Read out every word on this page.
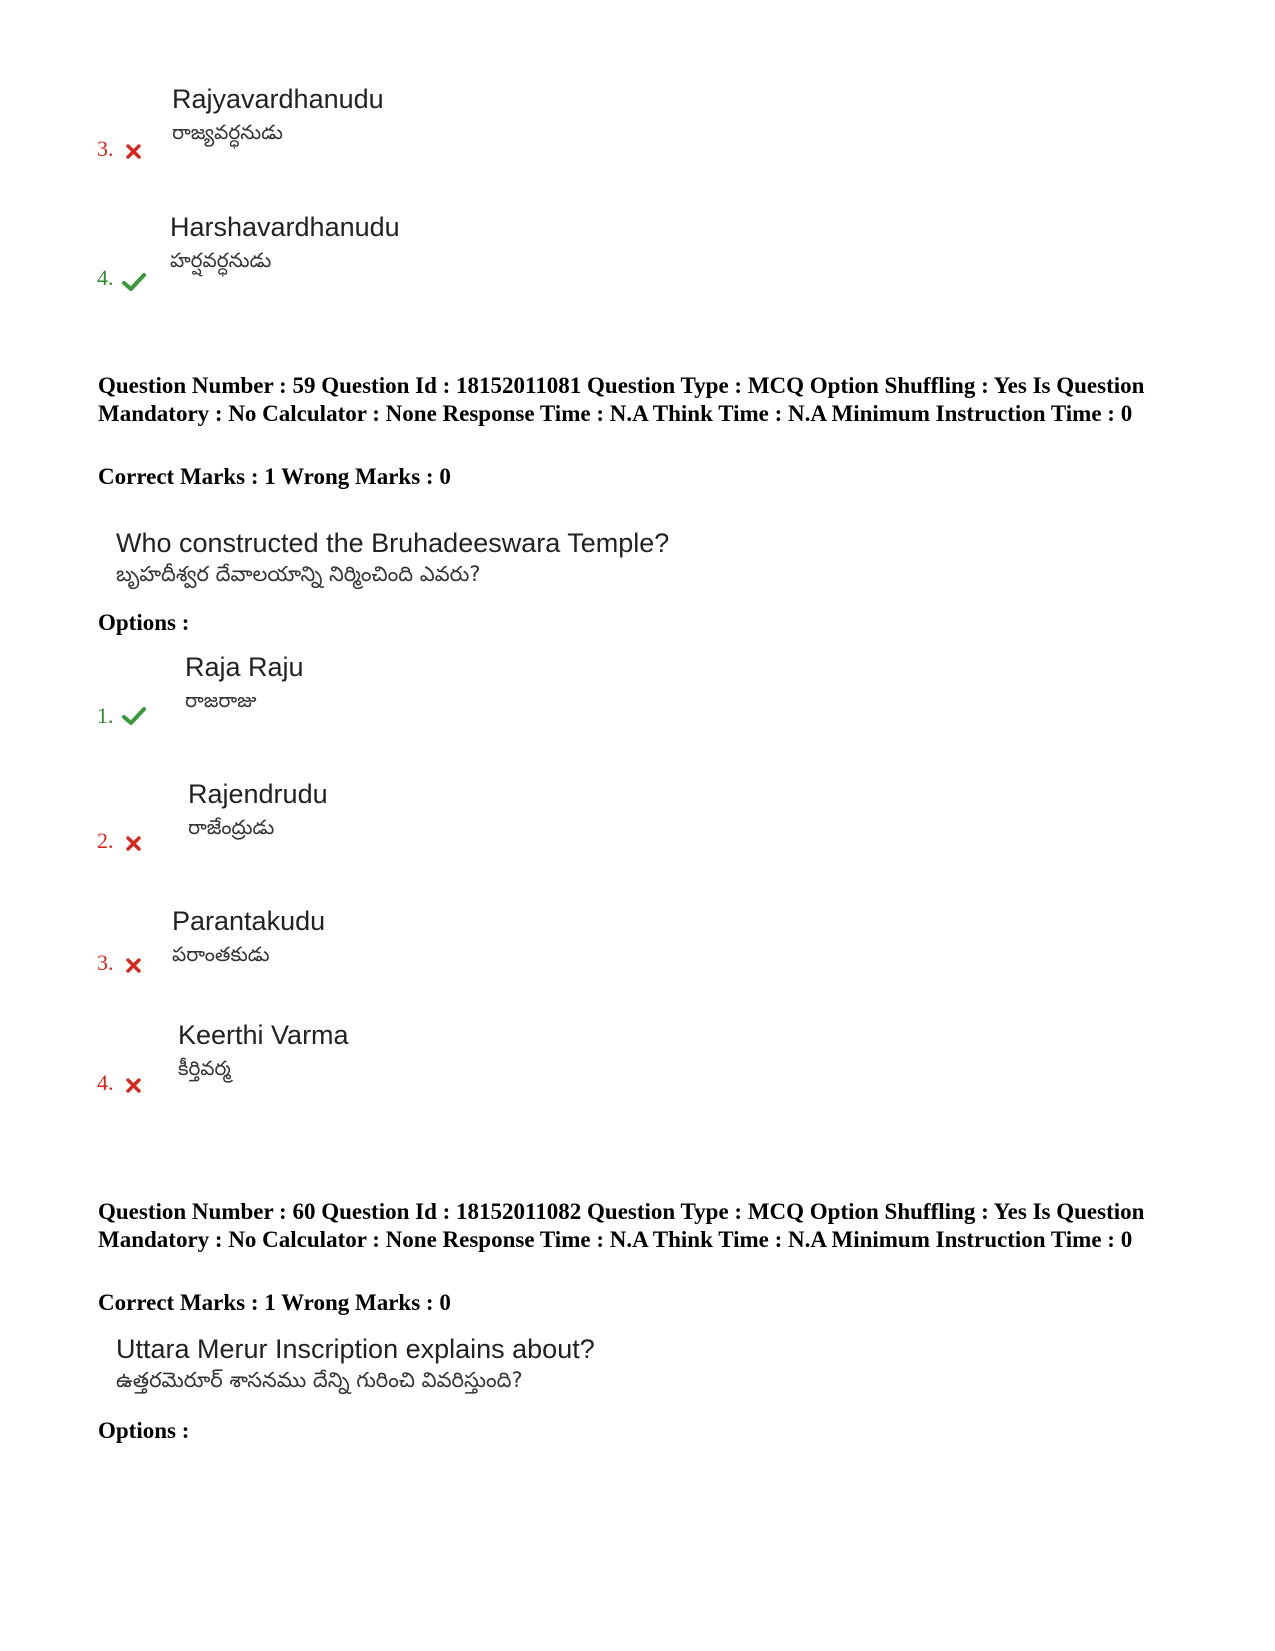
Rajyavardhanudu
రాజ్యవర్ధనుడు
3.
Harshavardhanudu
హర్షవర్ధనుడు
4.
Question Number : 59 Question Id : 18152011081 Question Type : MCQ Option Shuffling : Yes Is Question Mandatory : No Calculator : None Response Time : N.A Think Time : N.A Minimum Instruction Time : 0
Correct Marks : 1 Wrong Marks : 0
Who constructed the Bruhadeeswara Temple?
బృహదీశ్వర దేవాలయాన్ని నిర్మించింది ఎవరు?
Options :
Raja Raju
రాజరాజు
1.
Rajendrudu
రాజేంద్రుడు
2.
Parantakudu
పరాంతకుడు
3.
Keerthi Varma
కీర్తివర్మ
4.
Question Number : 60 Question Id : 18152011082 Question Type : MCQ Option Shuffling : Yes Is Question Mandatory : No Calculator : None Response Time : N.A Think Time : N.A Minimum Instruction Time : 0
Correct Marks : 1 Wrong Marks : 0
Uttara Merur Inscription explains about?
ఉత్తరమెరూర్ శాసనము దేన్ని గురించి వివరిస్తుంది?
Options :
